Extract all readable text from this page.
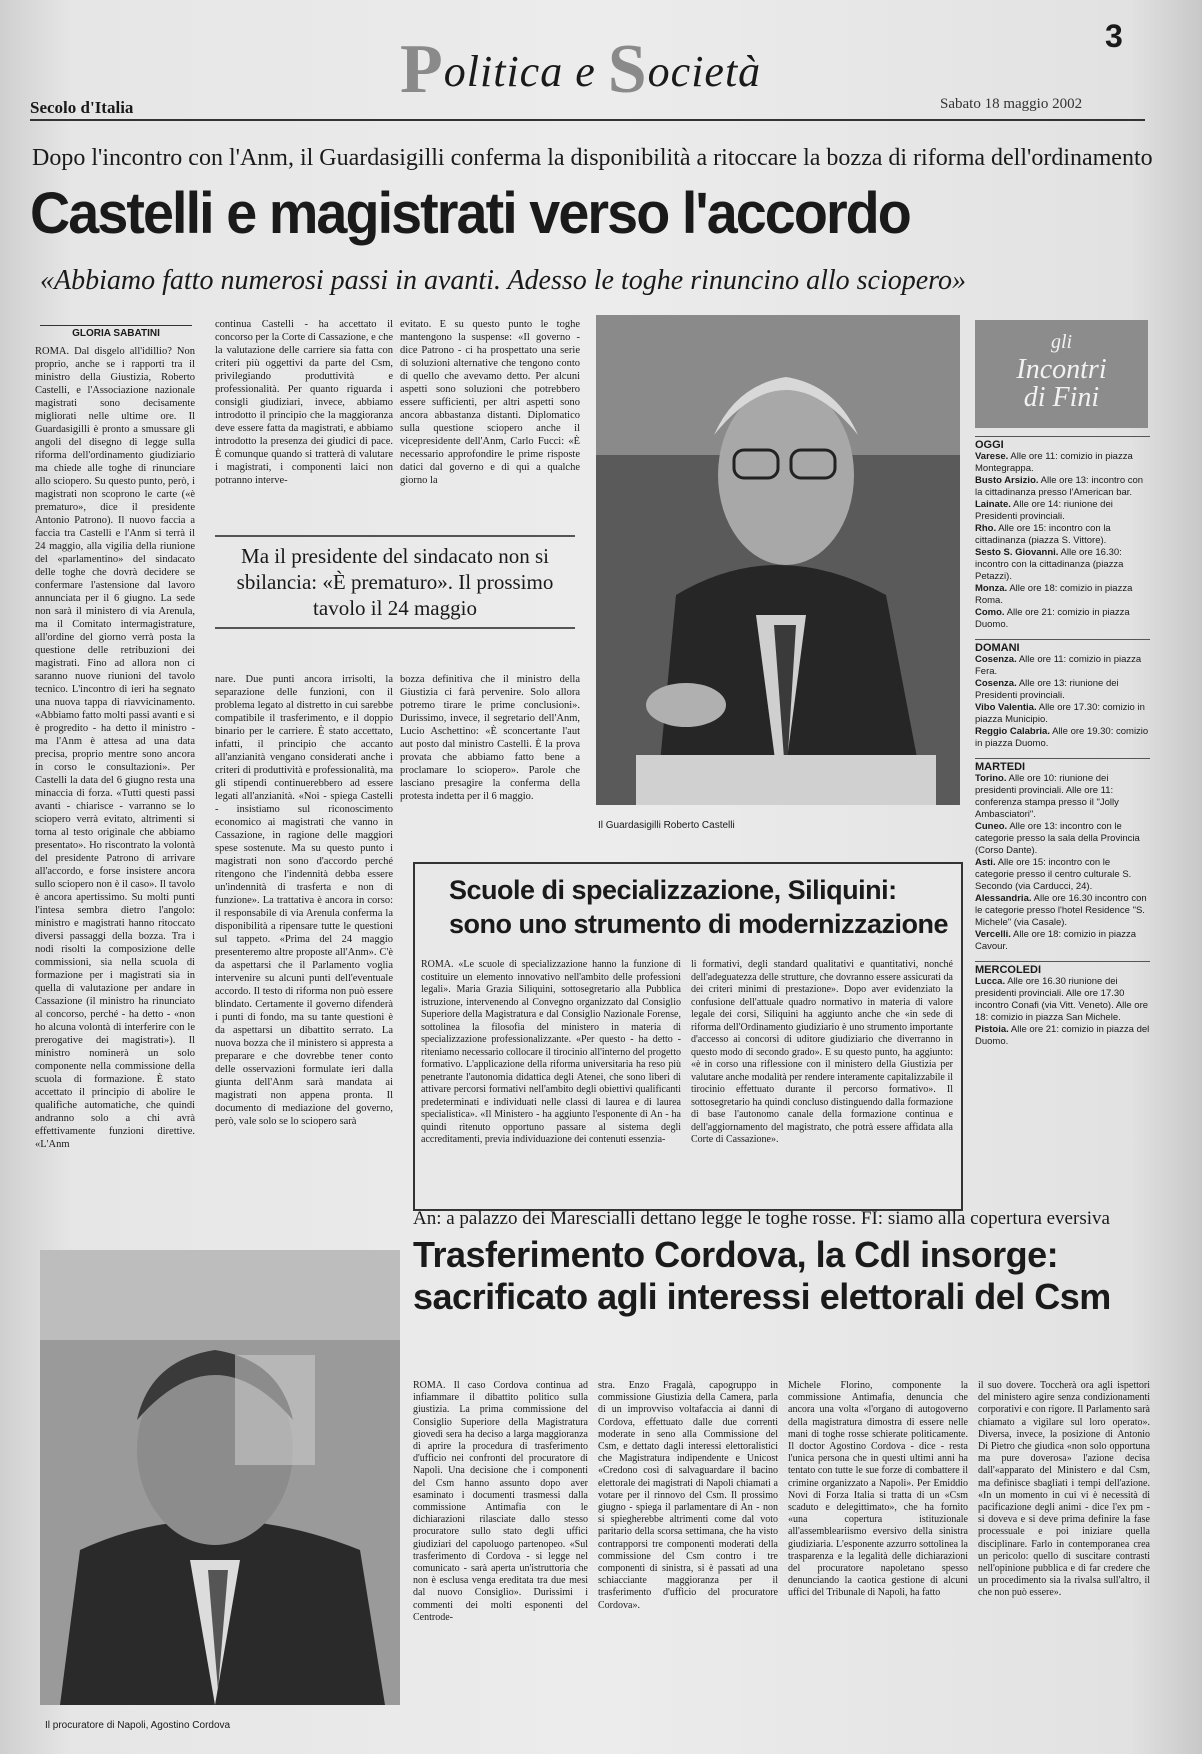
Politica e Società
3
Secolo d'Italia	Sabato 18 maggio 2002
Dopo l'incontro con l'Anm, il Guardasigilli conferma la disponibilità a ritoccare la bozza di riforma dell'ordinamento
Castelli e magistrati verso l'accordo
«Abbiamo fatto numerosi passi in avanti. Adesso le toghe rinuncino allo sciopero»
GLORIA SABATINI
ROMA. Dal disgelo all'idillio? Non proprio, anche se i rapporti tra il ministro della Giustizia, Roberto Castelli, e l'Associazione nazionale magistrati sono decisamente migliorati nelle ultime ore. Il Guardasigilli è pronto a smussare gli angoli del disegno di legge sulla riforma dell'ordinamento giudiziario ma chiede alle toghe di rinunciare allo sciopero. Su questo punto, però, i magistrati non scoprono le carte («è prematuro», dice il presidente Antonio Patrono). Il nuovo faccia a faccia tra Castelli e l'Anm si terrà il 24 maggio, alla vigilia della riunione del «parlamentino» del sindacato delle toghe che dovrà decidere se confermare l'astensione dal lavoro annunciata per il 6 giugno. La sede non sarà il ministero di via Arenula, ma il Comitato intermagistrature, all'ordine del giorno verrà posta la questione delle retribuzioni dei magistrati. Fino ad allora non ci saranno nuove riunioni del tavolo tecnico. L'incontro di ieri ha segnato una nuova tappa di riavvicinamento. «Abbiamo fatto molti passi avanti e si è progredito - ha detto il ministro - ma l'Anm è attesa ad una data precisa, proprio mentre sono ancora in corso le consultazioni». Per Castelli la data del 6 giugno resta una minaccia di forza. «Tutti questi passi avanti - chiarisce - varranno se lo sciopero verrà evitato, altrimenti si torna al testo originale che abbiamo presentato». Ho riscontrato la volontà del presidente Patrono di arrivare all'accordo, e forse insistere ancora sullo sciopero non è il caso». Il tavolo è ancora apertissimo. Su molti punti l'intesa sembra dietro l'angolo: ministro e magistrati hanno ritoccato diversi passaggi della bozza. Tra i nodi risolti la composizione delle commissioni, sia nella scuola di formazione per i magistrati sia in quella di valutazione per andare in Cassazione (il ministro ha rinunciato al concorso, perché - ha detto - «non ho alcuna volontà di interferire con le prerogative dei magistrati»). Il ministro nominerà un solo componente nella commissione della scuola di formazione. È stato accettato il principio di abolire le qualifiche automatiche, che quindi andranno solo a chi avrà effettivamente funzioni direttive. «L'Anm
continua Castelli - ha accettato il concorso per la Corte di Cassazione, e che la valutazione delle carriere sia fatta con criteri più oggettivi da parte del Csm, privilegiando produttività e professionalità. Per quanto riguarda i consigli giudiziari, invece, abbiamo introdotto il principio che la maggioranza deve essere fatta da magistrati, e abbiamo introdotto la presenza dei giudici di pace. È comunque quando si tratterà di valutare i magistrati, i componenti laici non potranno interve-
evitato. E su questo punto le toghe mantengono la suspense: «Il governo - dice Patrono - ci ha prospettato una serie di soluzioni alternative che tengono conto di quello che avevamo detto. Per alcuni aspetti sono soluzioni che potrebbero essere sufficienti, per altri aspetti sono ancora abbastanza distanti. Diplomatico sulla questione sciopero anche il vicepresidente dell'Anm, Carlo Fucci: «È necessario approfondire le prime risposte datici dal governo e di qui a qualche giorno la
Ma il presidente del sindacato non si sbilancia: «È prematuro». Il prossimo tavolo il 24 maggio
nare. Due punti ancora irrisolti, la separazione delle funzioni, con il problema legato al distretto in cui sarebbe compatibile il trasferimento, e il doppio binario per le carriere. È stato accettato, infatti, il principio che accanto all'anzianità vengano considerati anche i criteri di produttività e professionalità, ma gli stipendi continuerebbero ad essere legati all'anzianità. «Noi - spiega Castelli - insistiamo sul riconoscimento economico ai magistrati che vanno in Cassazione, in ragione delle maggiori spese sostenute. Ma su questo punto i magistrati non sono d'accordo perché ritengono che l'indennità debba essere un'indennità di trasferta e non di funzione». La trattativa è ancora in corso: il responsabile di via Arenula conferma la disponibilità a ripensare tutte le questioni sul tappeto. «Prima del 24 maggio presenteremo altre proposte all'Anm». C'è da aspettarsi che il Parlamento voglia intervenire su alcuni punti dell'eventuale accordo. Il testo di riforma non può essere blindato. Certamente il governo difenderà i punti di fondo, ma su tante questioni è da aspettarsi un dibattito serrato. La nuova bozza che il ministero si appresta a preparare e che dovrebbe tener conto delle osservazioni formulate ieri dalla giunta dell'Anm sarà mandata ai magistrati non appena pronta. Il documento di mediazione del governo, però, vale solo se lo sciopero sarà
bozza definitiva che il ministro della Giustizia ci farà pervenire. Solo allora potremo tirare le prime conclusioni». Durissimo, invece, il segretario dell'Anm, Lucio Aschettino: «È sconcertante l'aut aut posto dal ministro Castelli. È la prova provata che abbiamo fatto bene a proclamare lo sciopero». Parole che lasciano presagire la conferma della protesta indetta per il 6 maggio.
Il Guardasigilli Roberto Castelli
Scuole di specializzazione, Siliquini:
sono uno strumento di modernizzazione
ROMA. «Le scuole di specializzazione hanno la funzione di costituire un elemento innovativo nell'ambito delle professioni legali». Maria Grazia Siliquini, sottosegretario alla Pubblica istruzione, intervenendo al Convegno organizzato dal Consiglio Superiore della Magistratura e dal Consiglio Nazionale Forense, sottolinea la filosofia del ministero in materia di specializzazione professionalizzante. «Per questo - ha detto - riteniamo necessario collocare il tirocinio all'interno del progetto formativo. L'applicazione della riforma universitaria ha reso più penetrante l'autonomia didattica degli Atenei, che sono liberi di attivare percorsi formativi nell'ambito degli obiettivi qualificanti predeterminati e individuati nelle classi di laurea e di laurea specialistica». «Il Ministero - ha aggiunto l'esponente di An - ha quindi ritenuto opportuno passare al sistema degli accreditamenti, previa individuazione dei contenuti essenzia-
li formativi, degli standard qualitativi e quantitativi, nonché dell'adeguatezza delle strutture, che dovranno essere assicurati da dei criteri minimi di prestazione». Dopo aver evidenziato la confusione dell'attuale quadro normativo in materia di valore legale dei corsi, Siliquini ha aggiunto anche che «in sede di riforma dell'Ordinamento giudiziario è uno strumento importante d'accesso ai concorsi di uditore giudiziario che diverranno in questo modo di secondo grado». E su questo punto, ha aggiunto: «è in corso una riflessione con il ministero della Giustizia per valutare anche modalità per rendere interamente capitalizzabile il tirocinio effettuato durante il percorso formativo». Il sottosegretario ha quindi concluso distinguendo dalla formazione di base l'autonomo canale della formazione continua e dell'aggiornamento del magistrato, che potrà essere affidata alla Corte di Cassazione».
gli
Incontri
di Fini
OGGI
Varese. Alle ore 11: comizio in piazza Montegrappa.
Busto Arsizio. Alle ore 13: incontro con la cittadinanza presso l'American bar.
Lainate. Alle ore 14: riunione dei Presidenti provinciali.
Rho. Alle ore 15: incontro con la cittadinanza (piazza S. Vittore).
Sesto S. Giovanni. Alle ore 16.30: incontro con la cittadinanza (piazza Petazzi).
Monza. Alle ore 18: comizio in piazza Roma.
Como. Alle ore 21: comizio in piazza Duomo.
DOMANI
Cosenza. Alle ore 11: comizio in piazza Fera.
Cosenza. Alle ore 13: riunione dei Presidenti provinciali.
Vibo Valentia. Alle ore 17.30: comizio in piazza Municipio.
Reggio Calabria. Alle ore 19.30: comizio in piazza Duomo.
MARTEDI
Torino. Alle ore 10: riunione dei presidenti provinciali. Alle ore 11: conferenza stampa presso il "Jolly Ambasciatori".
Cuneo. Alle ore 13: incontro con le categorie presso la sala della Provincia (Corso Dante).
Asti. Alle ore 15: incontro con le categorie presso il centro culturale S. Secondo (via Carducci, 24).
Alessandria. Alle ore 16.30 incontro con le categorie presso l'hotel Residence "S. Michele" (via Casale).
Vercelli. Alle ore 18: comizio in piazza Cavour.
MERCOLEDI
Lucca. Alle ore 16.30 riunione dei presidenti provinciali. Alle ore 17.30 incontro Conafi (via Vitt. Veneto). Alle ore 18: comizio in piazza San Michele.
Pistoia. Alle ore 21: comizio in piazza del Duomo.
Il procuratore di Napoli, Agostino Cordova
An: a palazzo dei Marescialli dettano legge le toghe rosse. FI: siamo alla copertura eversiva
Trasferimento Cordova, la Cdl insorge:
sacrificato agli interessi elettorali del Csm
ROMA. Il caso Cordova continua ad infiammare il dibattito politico sulla giustizia. La prima commissione del Consiglio Superiore della Magistratura giovedì sera ha deciso a larga maggioranza di aprire la procedura di trasferimento d'ufficio nei confronti del procuratore di Napoli. Una decisione che i componenti del Csm hanno assunto dopo aver esaminato i documenti trasmessi dalla commissione Antimafia con le dichiarazioni rilasciate dallo stesso procuratore sullo stato degli uffici giudiziari del capoluogo partenopeo. «Sul trasferimento di Cordova - si legge nel comunicato - sarà aperta un'istruttoria che non è esclusa venga ereditata tra due mesi dal nuovo Consiglio». Durissimi i commenti dei molti esponenti del Centrode-
stra. Enzo Fragalà, capogruppo in commissione Giustizia della Camera, parla di un improvviso voltafaccia ai danni di Cordova, effettuato dalle due correnti moderate in seno alla Commissione del Csm, e dettato dagli interessi elettoralistici che Magistratura indipendente e Unicost «Credono così di salvaguardare il bacino elettorale dei magistrati di Napoli chiamati a votare per il rinnovo del Csm. Il prossimo giugno - spiega il parlamentare di An - non si spiegherebbe altrimenti come dal voto paritario della scorsa settimana, che ha visto contrapporsi tre componenti moderati della commissione del Csm contro i tre componenti di sinistra, si è passati ad una schiacciante maggioranza per il trasferimento d'ufficio del procuratore Cordova».
Michele Florino, componente la commissione Antimafia, denuncia che ancora una volta «l'organo di autogoverno della magistratura dimostra di essere nelle mani di toghe rosse schierate politicamente. Il doctor Agostino Cordova - dice - resta l'unica persona che in questi ultimi anni ha tentato con tutte le sue forze di combattere il crimine organizzato a Napoli». Per Emiddio Novi di Forza Italia si tratta di un «Csm scaduto e delegittimato», che ha fornito «una copertura istituzionale all'assembleariismo eversivo della sinistra giudiziaria. L'esponente azzurro sottolinea la trasparenza e la legalità delle dichiarazioni del procuratore napoletano spesso denunciando la caotica gestione di alcuni uffici del Tribunale di Napoli, ha fatto
il suo dovere. Toccherà ora agli ispettori del ministero agire senza condizionamenti corporativi e con rigore. Il Parlamento sarà chiamato a vigilare sul loro operato». Diversa, invece, la posizione di Antonio Di Pietro che giudica «non solo opportuna ma pure doverosa» l'azione decisa dall'«apparato del Ministero e dal Csm, ma definisce sbagliati i tempi dell'azione. «In un momento in cui vi è necessità di pacificazione degli animi - dice l'ex pm - si doveva e si deve prima definire la fase processuale e poi iniziare quella disciplinare. Farlo in contemporanea crea un pericolo: quello di suscitare contrasti nell'opinione pubblica e di far credere che un procedimento sia la rivalsa sull'altro, il che non può essere».
